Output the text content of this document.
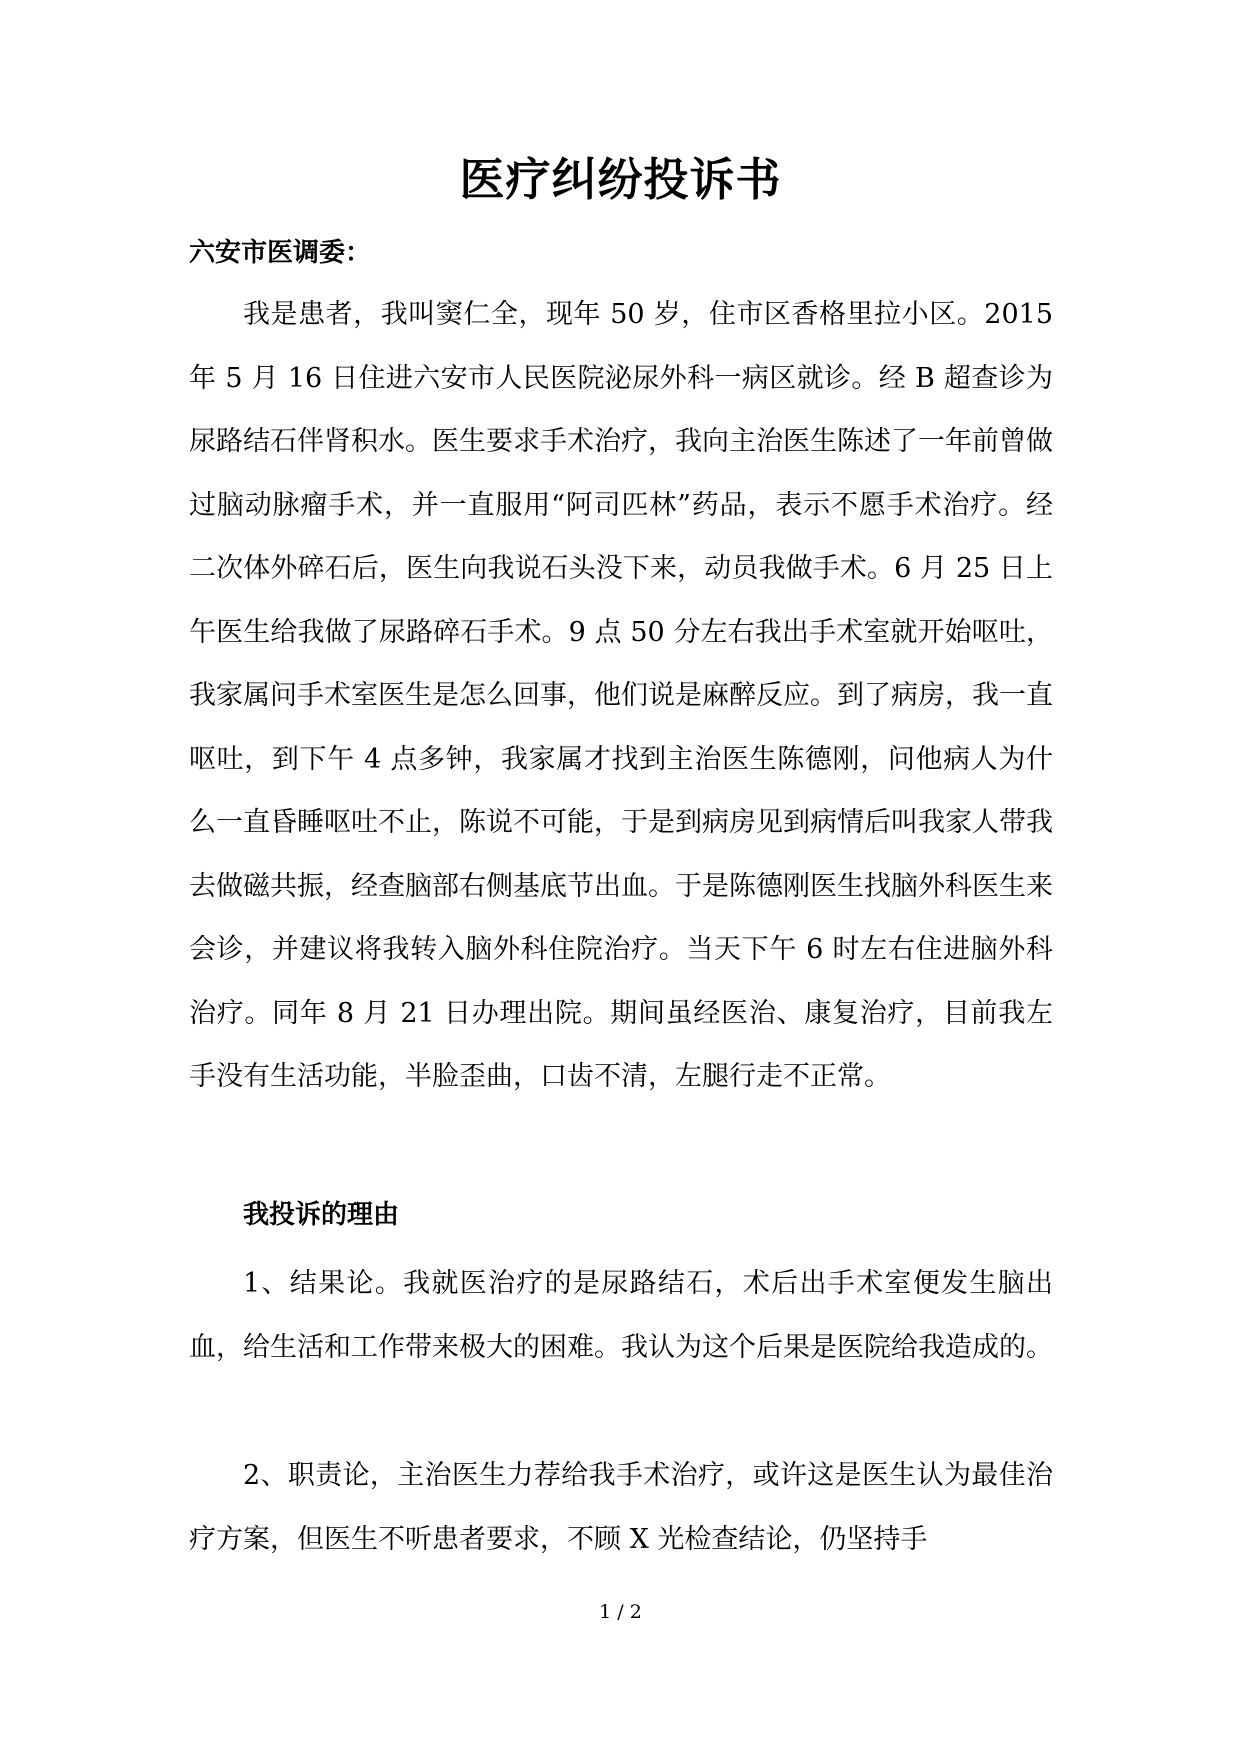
医疗纠纷投诉书
六安市医调委：
我是患者，我叫窦仁全，现年 50 岁，住市区香格里拉小区。2015 年 5 月 16 日住进六安市人民医院泌尿外科一病区就诊。经 B 超查诊为尿路结石伴肾积水。医生要求手术治疗，我向主治医生陈述了一年前曾做过脑动脉瘤手术，并一直服用“阿司匹林”药品，表示不愿手术治疗。经二次体外碎石后，医生向我说石头没下来，动员我做手术。6 月 25 日上午医生给我做了尿路碎石手术。9 点 50 分左右我出手术室就开始呕吐，我家属问手术室医生是怎么回事，他们说是麻醉反应。到了病房，我一直呕吐，到下午 4 点多钟，我家属才找到主治医生陈德刚，问他病人为什么一直昏睡呕吐不止，陈说不可能，于是到病房见到病情后叫我家人带我去做磁共振，经查脑部右侧基底节出血。于是陈德刚医生找脑外科医生来会诊，并建议将我转入脑外科住院治疗。当天下午 6 时左右住进脑外科治疗。同年 8 月 21 日办理出院。期间虽经医治、康复治疗，目前我左手没有生活功能，半脸歪曲，口齿不清，左腿行走不正常。
我投诉的理由
1、结果论。我就医治疗的是尿路结石，术后出手术室便发生脑出血，给生活和工作带来极大的困难。我认为这个后果是医院给我造成的。
2、职责论，主治医生力荐给我手术治疗，或许这是医生认为最佳治疗方案，但医生不听患者要求，不顾 X 光检查结论，仍坚持手
1 / 2
